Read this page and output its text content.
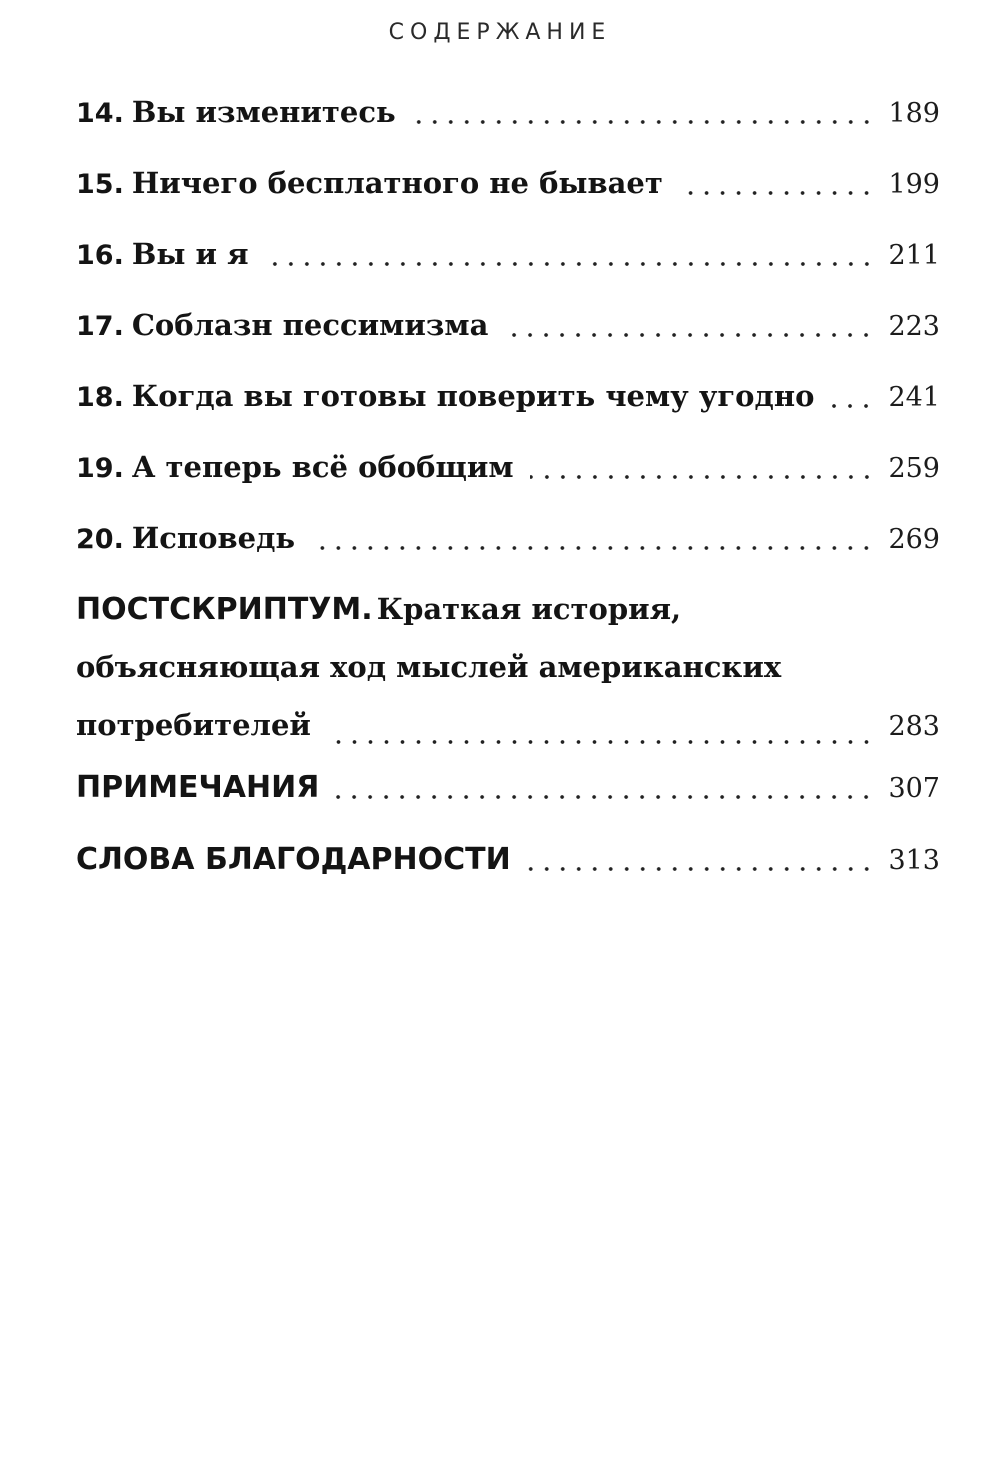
СОДЕРЖАНИЕ
14. Вы изменитесь	189
15. Ничего бесплатного не бывает	199
16. Вы и я	211
17. Соблазн пессимизма	223
18. Когда вы готовы поверить чему угодно	241
19. А теперь всё обобщим	259
20. Исповедь	269
ПОСТСКРИПТУМ. Краткая история,
объясняющая ход мыслей американских
потребителей	283
ПРИМЕЧАНИЯ	307
СЛОВА БЛАГОДАРНОСТИ	313
